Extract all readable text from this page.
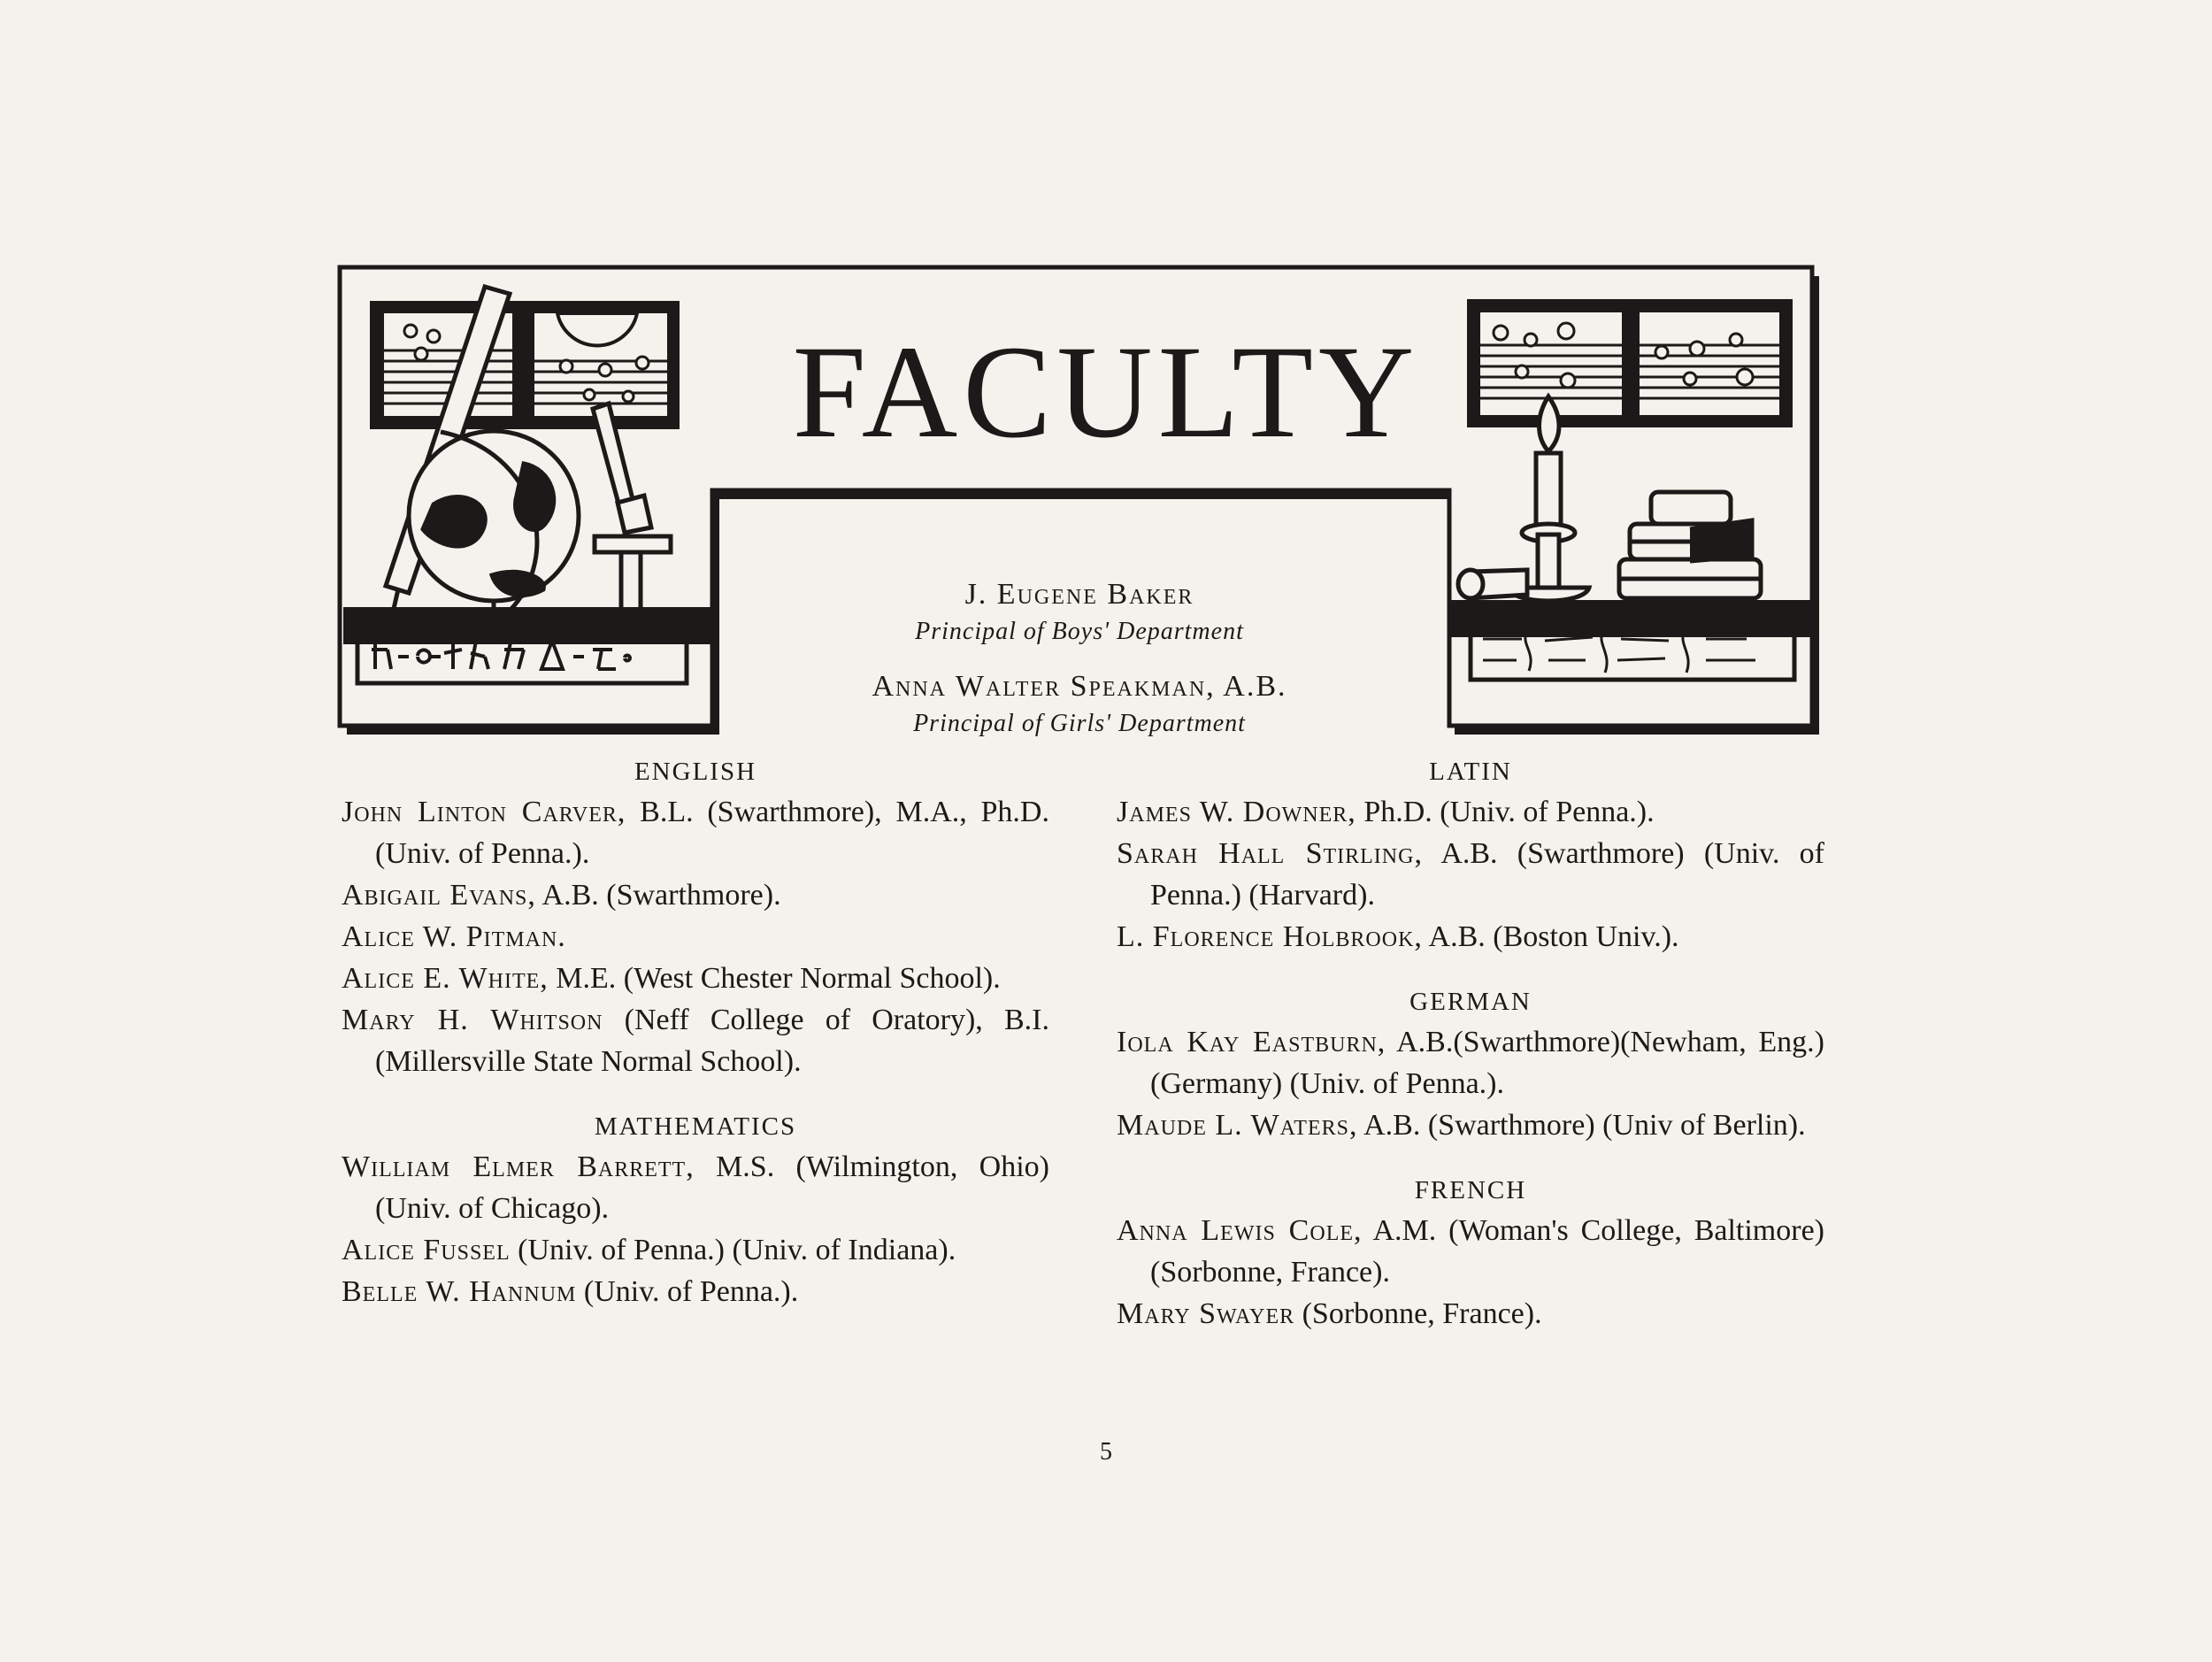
FACULTY
J. Eugene Baker
Principal of Boys' Department
Anna Walter Speakman, A.B.
Principal of Girls' Department
ENGLISH
John Linton Carver, B.L. (Swarthmore), M.A., Ph.D. (Univ. of Penna.).
Abigail Evans, A.B. (Swarthmore).
Alice W. Pitman.
Alice E. White, M.E. (West Chester Normal School).
Mary H. Whitson (Neff College of Oratory), B.I. (Millersville State Normal School).
MATHEMATICS
William Elmer Barrett, M.S. (Wilmington, Ohio) (Univ. of Chicago).
Alice Fussel (Univ. of Penna.) (Univ. of Indiana).
Belle W. Hannum (Univ. of Penna.).
LATIN
James W. Downer, Ph.D. (Univ. of Penna.).
Sarah Hall Stirling, A.B. (Swarthmore) (Univ. of Penna.) (Harvard).
L. Florence Holbrook, A.B. (Boston Univ.).
GERMAN
Iola Kay Eastburn, A.B.(Swarthmore)(Newham, Eng.) (Germany) (Univ. of Penna.).
Maude L. Waters, A.B. (Swarthmore) (Univ of Berlin).
FRENCH
Anna Lewis Cole, A.M. (Woman's College, Baltimore) (Sorbonne, France).
Mary Swayer (Sorbonne, France).
5
